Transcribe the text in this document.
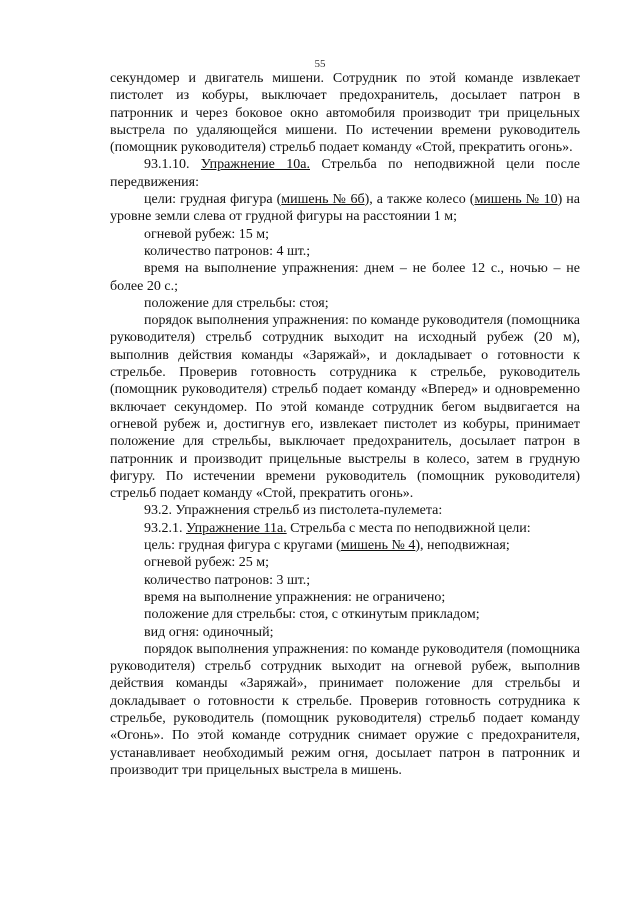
55

секундомер и двигатель мишени. Сотрудник по этой команде извлекает пистолет из кобуры, выключает предохранитель, досылает патрон в патронник и через боковое окно автомобиля производит три прицельных выстрела по удаляющейся мишени. По истечении времени руководитель (помощник руководителя) стрельб подает команду «Стой, прекратить огонь».

93.1.10. Упражнение 10а. Стрельба по неподвижной цели после передвижения:

цели: грудная фигура (мишень № 6б), а также колесо (мишень № 10) на уровне земли слева от грудной фигуры на расстоянии 1 м;

огневой рубеж: 15 м;

количество патронов: 4 шт.;

время на выполнение упражнения: днем – не более 12 с., ночью – не более 20 с.;

положение для стрельбы: стоя;

порядок выполнения упражнения: по команде руководителя (помощника руководителя) стрельб сотрудник выходит на исходный рубеж (20 м), выполнив действия команды «Заряжай», и докладывает о готовности к стрельбе. Проверив готовность сотрудника к стрельбе, руководитель (помощник руководителя) стрельб подает команду «Вперед» и одновременно включает секундомер. По этой команде сотрудник бегом выдвигается на огневой рубеж и, достигнув его, извлекает пистолет из кобуры, принимает положение для стрельбы, выключает предохранитель, досылает патрон в патронник и производит прицельные выстрелы в колесо, затем в грудную фигуру. По истечении времени руководитель (помощник руководителя) стрельб подает команду «Стой, прекратить огонь».

93.2. Упражнения стрельб из пистолета-пулемета:

93.2.1. Упражнение 11а. Стрельба с места по неподвижной цели:

цель: грудная фигура с кругами (мишень № 4), неподвижная;

огневой рубеж: 25 м;

количество патронов: 3 шт.;

время на выполнение упражнения: не ограничено;

положение для стрельбы: стоя, с откинутым прикладом;

вид огня: одиночный;

порядок выполнения упражнения: по команде руководителя (помощника руководителя) стрельб сотрудник выходит на огневой рубеж, выполнив действия команды «Заряжай», принимает положение для стрельбы и докладывает о готовности к стрельбе. Проверив готовность сотрудника к стрельбе, руководитель (помощник руководителя) стрельб подает команду «Огонь». По этой команде сотрудник снимает оружие с предохранителя, устанавливает необходимый режим огня, досылает патрон в патронник и производит три прицельных выстрела в мишень.
